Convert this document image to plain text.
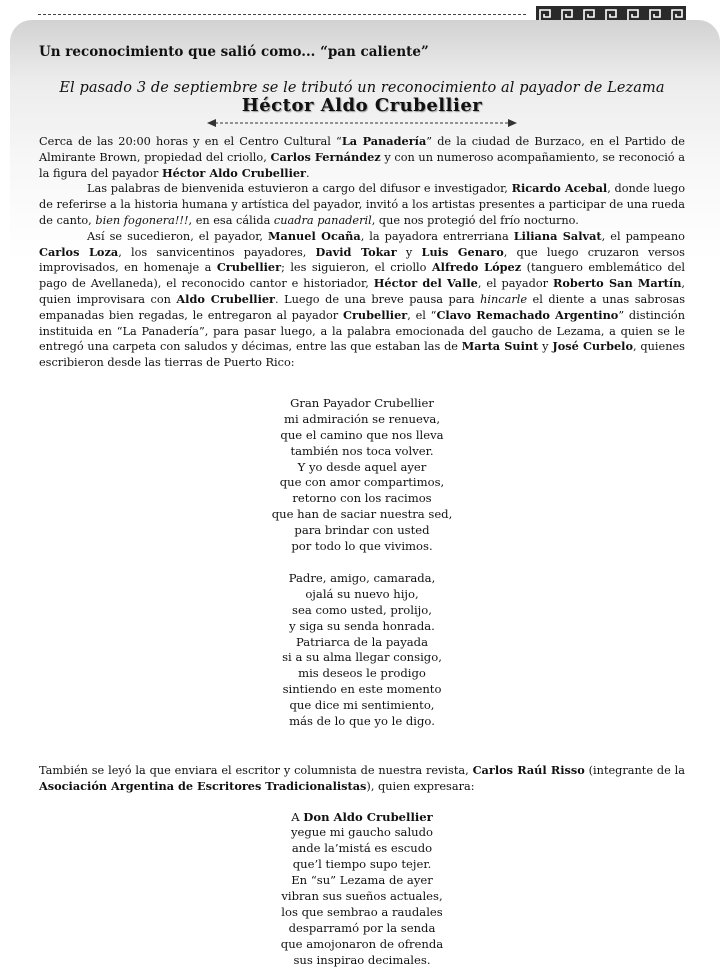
Un reconocimiento que salió como... “pan caliente”

El pasado 3 de septiembre se le tributó un reconocimiento al payador de Lezama

Héctor Aldo Crubellier

Cerca de las 20:00 horas y en el Centro Cultural “La Panadería” de la ciudad de Burzaco, en el Partido de Almirante Brown, propiedad del criollo, Carlos Fernández y con un numeroso acompañamiento, se reconoció a la figura del payador Héctor Aldo Crubellier.

Las palabras de bienvenida estuvieron a cargo del difusor e investigador, Ricardo Acebal, donde luego de referirse a la historia humana y artística del payador, invitó a los artistas presentes a participar de una rueda de canto, bien fogonera!!!, en esa cálida cuadra panaderil, que nos protegió del frío nocturno.

Así se sucedieron, el payador, Manuel Ocaña, la payadora entrerriana Liliana Salvat, el pampeano Carlos Loza, los sanvicentinos payadores, David Tokar y Luis Genaro, que luego cruzaron versos improvisados, en homenaje a Crubellier; les siguieron, el criollo Alfredo López (tanguero emblemático del pago de Avellaneda), el reconocido cantor e historiador, Héctor del Valle, el payador Roberto San Martín, quien improvisara con Aldo Crubellier. Luego de una breve pausa para hincarle el diente a unas sabrosas empanadas bien regadas, le entregaron al payador Crubellier, el “Clavo Remachado Argentino” distinción instituida en “La Panadería”, para pasar luego, a la palabra emocionada del gaucho de Lezama, a quien se le entregó una carpeta con saludos y décimas, entre las que estaban las de Marta Suint y José Curbelo, quienes escribieron desde las tierras de Puerto Rico:

Gran Payador Crubellier
mi admiración se renueva,
que el camino que nos lleva
también nos toca volver.
Y yo desde aquel ayer
que con amor compartimos,
retorno con los racimos
que han de saciar nuestra sed,
para brindar con usted
por todo lo que vivimos.
Padre, amigo, camarada,
ojalá su nuevo hijo,
sea como usted, prolijo,
y siga su senda honrada.
Patriarca de la payada
si a su alma llegar consigo,
mis deseos le prodigo
sintiendo en este momento
que dice mi sentimiento,
más de lo que yo le digo.

También se leyó la que enviara el escritor y columnista de nuestra revista, Carlos Raúl Risso (integrante de la Asociación Argentina de Escritores Tradicionalistas), quien expresara:

A Don Aldo Crubellier
yegue mi gaucho saludo
ande la’mistá es escudo
que’l tiempo supo tejer.
En “su” Lezama de ayer
vibran sus sueños actuales,
los que sembrao a raudales
desparramó por la senda
que amojonaron de ofrenda
sus inspirao decimales.
